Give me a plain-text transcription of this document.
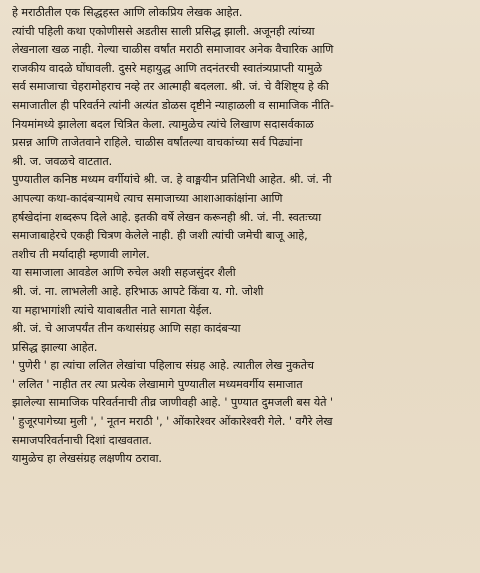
हे मराठीतील एक सिद्धहस्त आणि लोकप्रिय लेखक आहेत.
त्यांची पहिली कथा एकोणीससे अडतीस साली प्रसिद्ध झाली. अजूनही त्यांच्या
लेखनाला खळ नाही. गेल्या चाळीस वर्षांत मराठी समाजावर अनेक वैचारिक आणि
राजकीय वादळे घोंघावली. दुसरे महायुद्ध आणि तदनंतरची स्वातंत्र्यप्राप्ती यामुळे
सर्व समाजाचा चेहरामोहराच नव्हे तर आत्माही बदलला. श्री. जं. चे वैशिष्ट्य हे की
समाजातील ही परिवर्तने त्यांनी अत्यंत डोळस दृष्टीने न्याहाळली व सामाजिक नीति-
नियमांमध्ये झालेला बदल चित्रित केला. त्यामुळेच त्यांचे लिखाण सदासर्वकाळ
प्रसन्न आणि ताजेतवाने राहिले. चाळीस वर्षांतल्या वाचकांच्या सर्व पिढ्यांना
श्री. ज. जवळचे वाटतात.
पुण्यातील कनिष्ठ मध्यम वर्गीयांचे श्री. ज. हे वाङ्मयीन प्रतिनिधी आहेत. श्री. जं. नी
आपल्या कथा-कादंबऱ्यामधे त्याच समाजाच्या आशाआकांक्षांना आणि
हर्षखेदांना शब्दरूप दिले आहे. इतकी वर्षे लेखन करूनही श्री. जं. नी. स्वतःच्या
समाजाबाहेरचे एकही चित्रण केलेले नाही. ही जशी त्यांची जमेची बाजू आहे,
तशीच ती मर्यादाही म्हणावी लागेल.
या समाजाला आवडेल आणि रुचेल अशी सहजसुंदर शैली
श्री. जं. ना. लाभलेली आहे. हरिभाऊ आपटे किंवा य. गो. जोशी
या महाभागांशी त्यांचे यावाबतीत नाते सागता येईल.
श्री. जं. चे आजपर्यंत तीन कथासंग्रह आणि सहा कादंबऱ्या
प्रसिद्ध झाल्या आहेत.
' पुणेरी ' हा त्यांचा ललित लेखांचा पहिलाच संग्रह आहे. त्यातील लेख नुकतेच
' ललित ' नाहीत तर त्या प्रत्येक लेखामागे पुण्यातील मध्यमवर्गीय समाजात
झालेल्या सामाजिक परिवर्तनाची तीव्र जाणीवही आहे. ' पुण्यात दुमजली बस येते '
' हुजूरपागेच्या मुली ', ' नूतन मराठी ', ' ओंकारेश्वर ओंकारेश्वरी गेले. ' वगैरे लेख
समाजपरिवर्तनाची दिशां दाखवतात.
यामुळेच हा लेखसंग्रह लक्षणीय ठरावा.
